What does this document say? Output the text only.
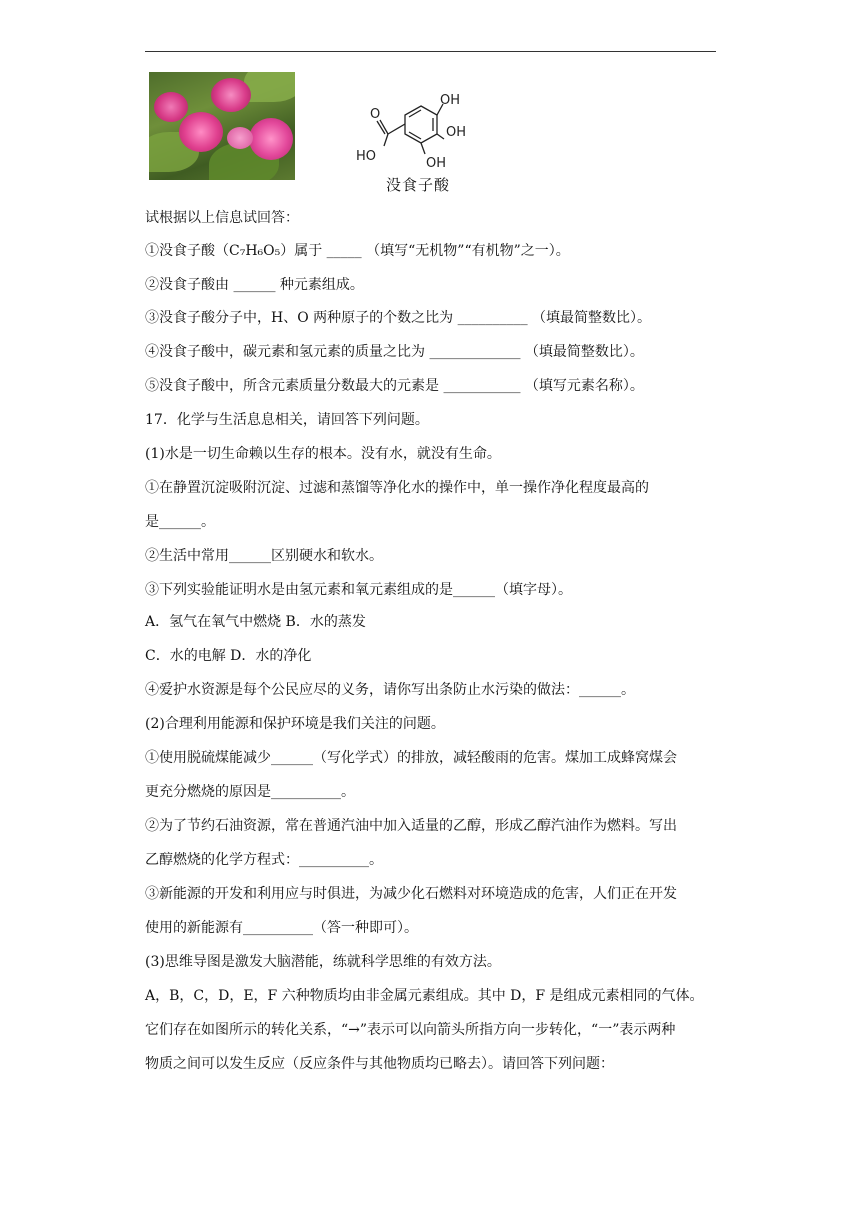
O
HO
OH
OH
OH
没食子酸
试根据以上信息试回答：
①没食子酸（C₇H₆O₅）属于 _____ （填写“无机物”“有机物”之一）。
②没食子酸由 ______ 种元素组成。
③没食子酸分子中，H、O 两种原子的个数之比为 __________ （填最简整数比）。
④没食子酸中，碳元素和氢元素的质量之比为 _____________ （填最简整数比）。
⑤没食子酸中，所含元素质量分数最大的元素是 ___________ （填写元素名称）。
17．化学与生活息息相关，请回答下列问题。
(1)水是一切生命赖以生存的根本。没有水，就没有生命。
①在静置沉淀吸附沉淀、过滤和蒸馏等净化水的操作中，单一操作净化程度最高的
是______。
②生活中常用______区别硬水和软水。
③下列实验能证明水是由氢元素和氧元素组成的是______（填字母）。
A．氢气在氧气中燃烧 B．水的蒸发
C．水的电解 D．水的净化
④爱护水资源是每个公民应尽的义务，请你写出条防止水污染的做法：______。
(2)合理利用能源和保护环境是我们关注的问题。
①使用脱硫煤能减少______（写化学式）的排放，减轻酸雨的危害。煤加工成蜂窝煤会
更充分燃烧的原因是__________。
②为了节约石油资源，常在普通汽油中加入适量的乙醇，形成乙醇汽油作为燃料。写出
乙醇燃烧的化学方程式：__________。
③新能源的开发和利用应与时俱进，为减少化石燃料对环境造成的危害，人们正在开发
使用的新能源有__________（答一种即可）。
(3)思维导图是激发大脑潜能，练就科学思维的有效方法。
A，B，C，D，E，F 六种物质均由非金属元素组成。其中 D，F 是组成元素相同的气体。
它们存在如图所示的转化关系，“→”表示可以向箭头所指方向一步转化，“一”表示两种
物质之间可以发生反应（反应条件与其他物质均已略去）。请回答下列问题：
